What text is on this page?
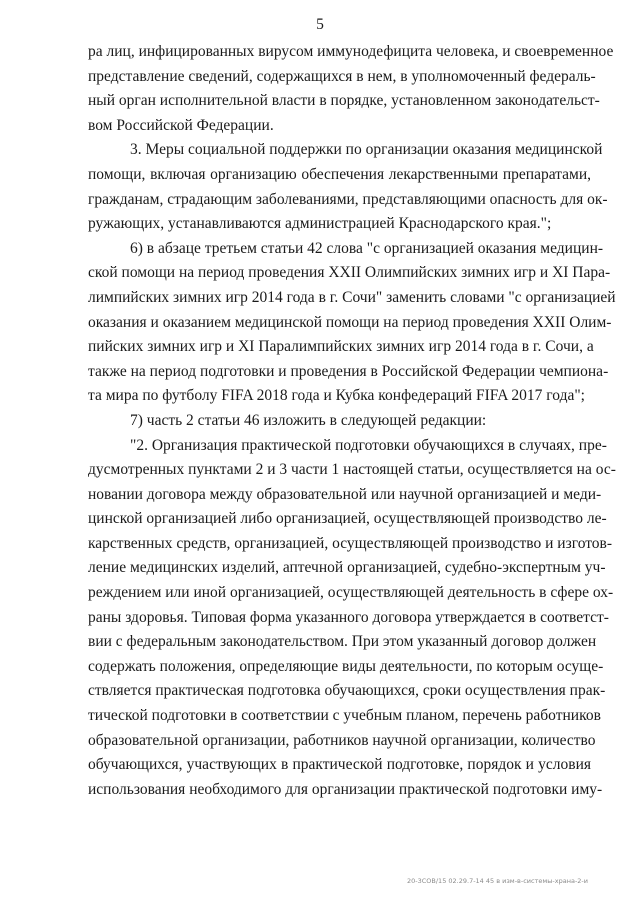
5
ра лиц, инфицированных вирусом иммунодефицита человека, и своевременное
представление сведений, содержащихся в нем, в уполномоченный федераль-
ный орган исполнительной власти в порядке, установленном законодательст-
вом Российской Федерации.
3. Меры социальной поддержки по организации оказания медицинской
помощи, включая организацию обеспечения лекарственными препаратами,
гражданам, страдающим заболеваниями, представляющими опасность для ок-
ружающих, устанавливаются администрацией Краснодарского края.";
6) в абзаце третьем статьи 42 слова "с организацией оказания медицин-
ской помощи на период проведения XXII Олимпийских зимних игр и XI Пара-
лимпийских зимних игр 2014 года в г. Сочи" заменить словами "с организацией
оказания и оказанием медицинской помощи на период проведения XXII Олим-
пийских зимних игр и XI Паралимпийских зимних игр 2014 года в г. Сочи, а
также на период подготовки и проведения в Российской Федерации чемпиона-
та мира по футболу FIFA 2018 года и Кубка конфедераций FIFA 2017 года";
7) часть 2 статьи 46 изложить в следующей редакции:
"2. Организация практической подготовки обучающихся в случаях, пре-
дусмотренных пунктами 2 и 3 части 1 настоящей статьи, осуществляется на ос-
новании договора между образовательной или научной организацией и меди-
цинской организацией либо организацией, осуществляющей производство ле-
карственных средств, организацией, осуществляющей производство и изготов-
ление медицинских изделий, аптечной организацией, судебно-экспертным уч-
реждением или иной организацией, осуществляющей деятельность в сфере ох-
раны здоровья. Типовая форма указанного договора утверждается в соответст-
вии с федеральным законодательством. При этом указанный договор должен
содержать положения, определяющие виды деятельности, по которым осуще-
ствляется практическая подготовка обучающихся, сроки осуществления прак-
тической подготовки в соответствии с учебным планом, перечень работников
образовательной организации, работников научной организации, количество
обучающихся, участвующих в практической подготовке, порядок и условия
использования необходимого для организации практической подготовки иму-
20-3СОВ/15 02.29.7-14 45 в изм-в-системы-храна-2-и
